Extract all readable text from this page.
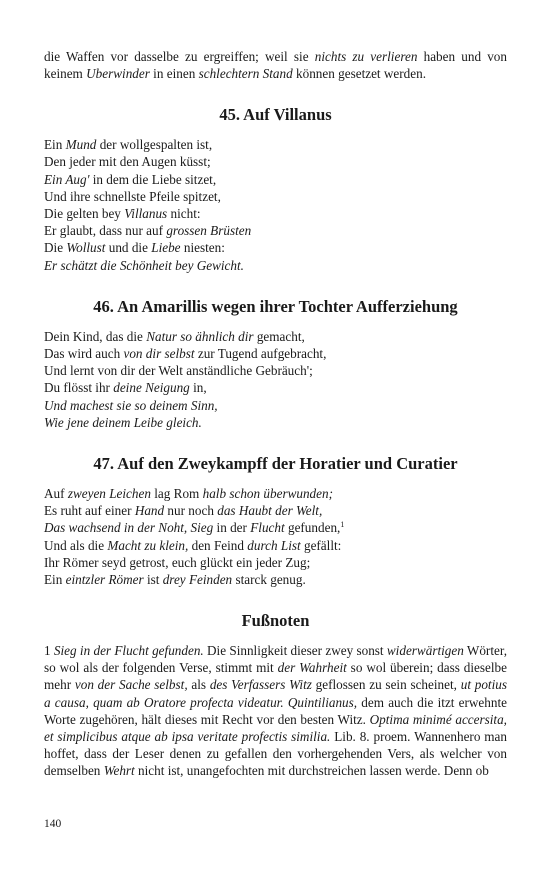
die Waffen vor dasselbe zu ergreiffen; weil sie nichts zu verlieren haben und von keinem Uberwinder in einen schlechtern Stand können gesetzet werden.

45. Auf Villanus
Ein Mund der wollgespalten ist,
Den jeder mit den Augen küsst;
Ein Aug' in dem die Liebe sitzet,
Und ihre schnellste Pfeile spitzet,
Die gelten bey Villanus nicht:
Er glaubt, dass nur auf grossen Brüsten
Die Wollust und die Liebe niesten:
Er schätzt die Schönheit bey Gewicht.
46. An Amarillis wegen ihrer Tochter Aufferziehung
Dein Kind, das die Natur so ähnlich dir gemacht,
Das wird auch von dir selbst zur Tugend aufgebracht,
Und lernt von dir der Welt anständliche Gebräuch';
Du flösst ihr deine Neigung in,
Und machest sie so deinem Sinn,
Wie jene deinem Leibe gleich.
47. Auf den Zweykampff der Horatier und Curatier
Auf zweyen Leichen lag Rom halb schon überwunden;
Es ruht auf einer Hand nur noch das Haubt der Welt,
Das wachsend in der Noht, Sieg in der Flucht gefunden,$^1$
Und als die Macht zu klein, den Feind durch List gefällt:
Ihr Römer seyd getrost, euch glückt ein jeder Zug;
Ein eintzler Römer ist drey Feinden starck genug.
Fußnoten

1 Sieg in der Flucht gefunden. Die Sinnligkeit dieser zwey sonst widerwärtigen Wörter, so wol als der folgenden Verse, stimmt mit der Wahrheit so wol überein; dass dieselbe mehr von der Sache selbst, als des Verfassers Witz geflossen zu sein scheinet, ut potius a causa, quam ab Oratore profecta videatur. Quintilianus, dem auch die itzt erwehnte Worte zugehören, hält dieses mit Recht vor den besten Witz. Optima minimé accersita, et simplicibus atque ab ipsa veritate profectis similia. Lib. 8. proem. Wannenhero man hoffet, dass der Leser denen zu gefallen den vorhergehenden Vers, als welcher von demselben Wehrt nicht ist, unangefochten mit durchstreichen lassen werde. Denn ob

140
